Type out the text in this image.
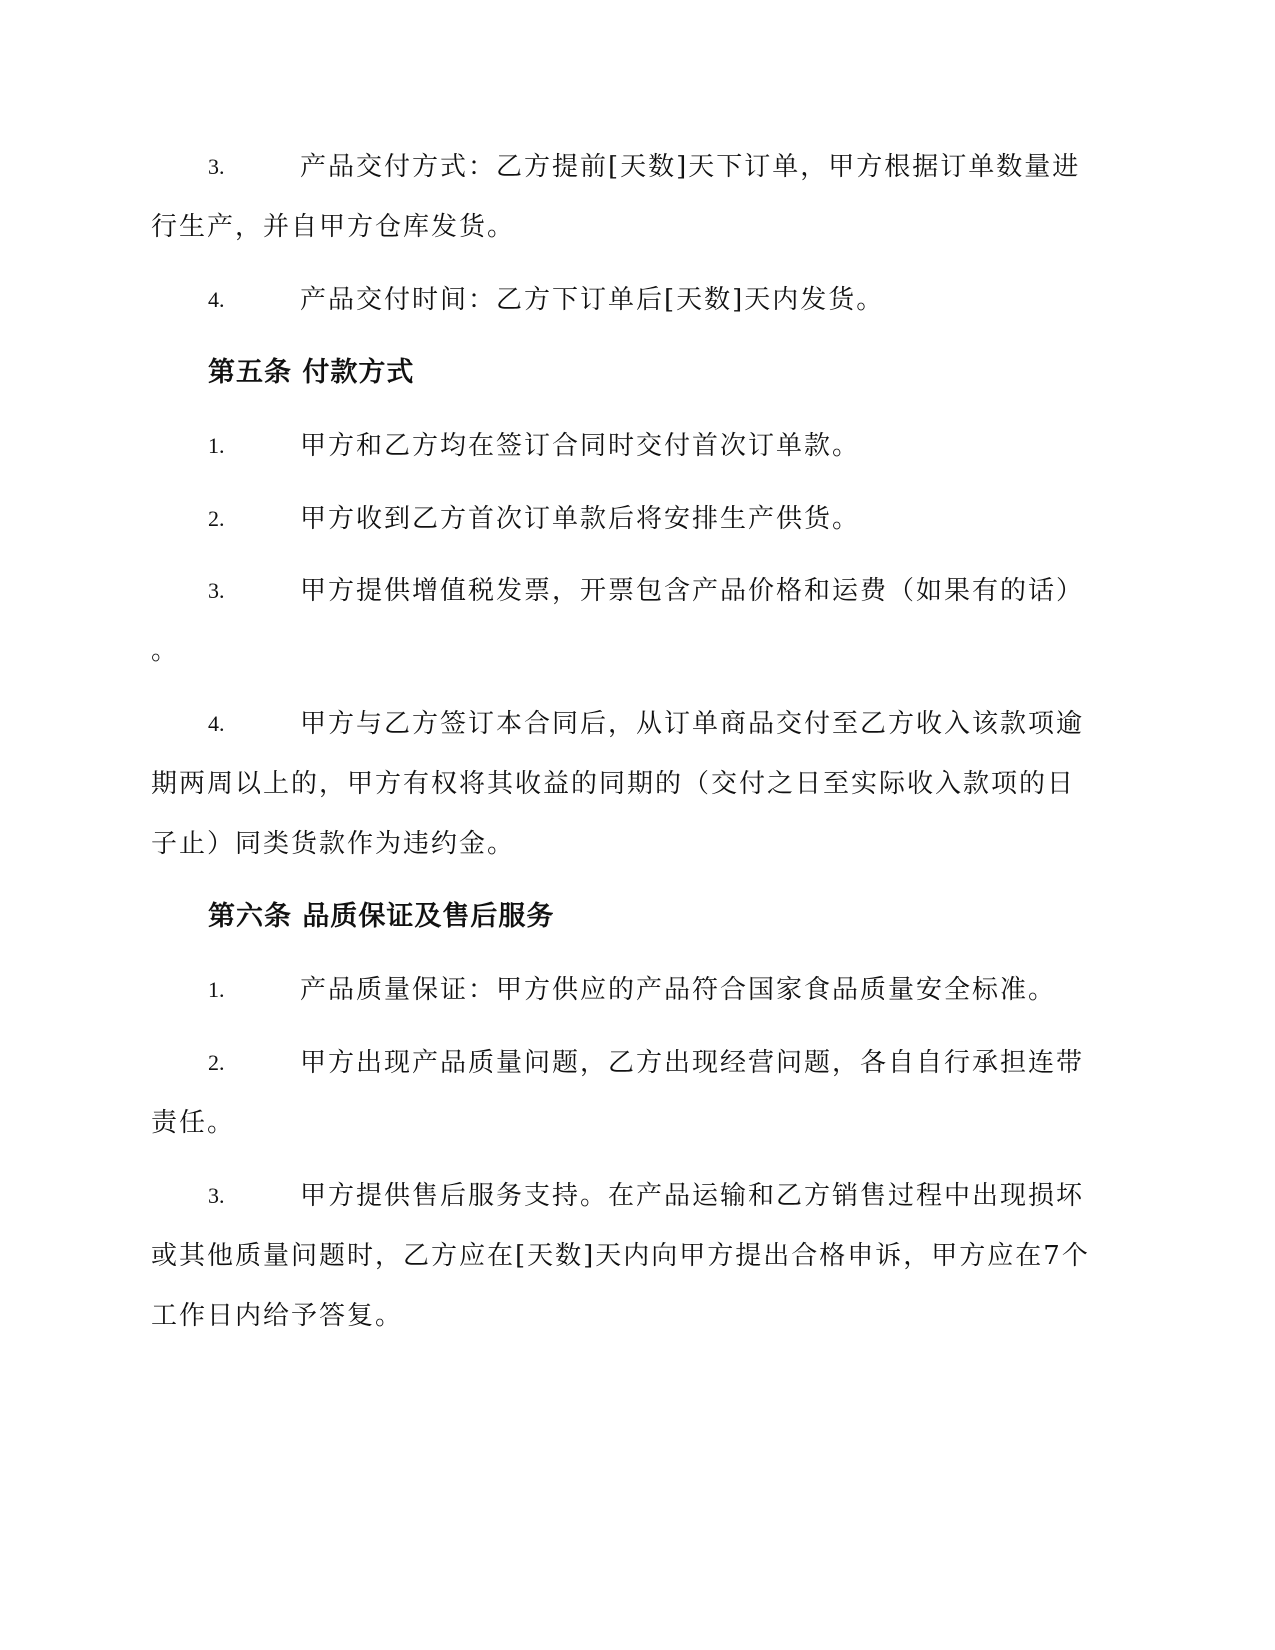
3.	产品交付方式：乙方提前[天数]天下订单，甲方根据订单数量进
行生产，并自甲方仓库发货。
4.	产品交付时间：乙方下订单后[天数]天内发货。
第五条 付款方式
1.	甲方和乙方均在签订合同时交付首次订单款。
2.	甲方收到乙方首次订单款后将安排生产供货。
3.	甲方提供增值税发票，开票包含产品价格和运费（如果有的话）
。
4.	甲方与乙方签订本合同后，从订单商品交付至乙方收入该款项逾
期两周以上的，甲方有权将其收益的同期的（交付之日至实际收入款项的日
子止）同类货款作为违约金。
第六条 品质保证及售后服务
1.	产品质量保证：甲方供应的产品符合国家食品质量安全标准。
2.	甲方出现产品质量问题，乙方出现经营问题，各自自行承担连带
责任。
3.	甲方提供售后服务支持。在产品运输和乙方销售过程中出现损坏
或其他质量问题时，乙方应在[天数]天内向甲方提出合格申诉，甲方应在7个
工作日内给予答复。
